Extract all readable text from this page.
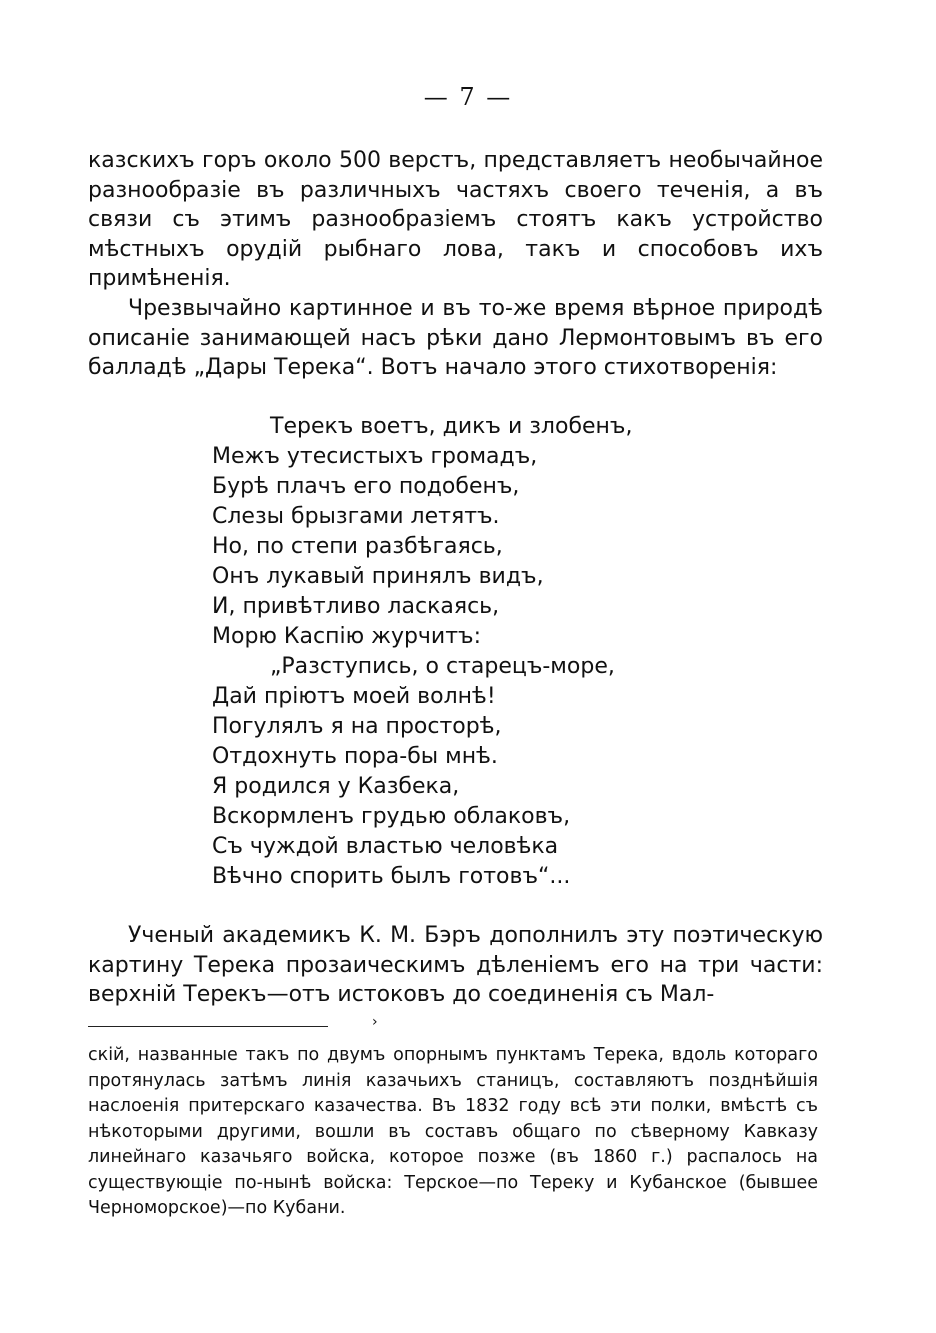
— 7 —

казскихъ горъ около 500 верстъ, представляетъ необычайное разнообразіе въ различныхъ частяхъ своего теченія, а въ связи съ этимъ разнообразіемъ стоятъ какъ устройство мѣстныхъ орудій рыбнаго лова, такъ и способовъ ихъ примѣненія.

Чрезвычайно картинное и въ то-же время вѣрное природѣ описаніе занимающей насъ рѣки дано Лермонтовымъ въ его балладѣ „Дары Терека“. Вотъ начало этого стихотворенія:

Терекъ воетъ, дикъ и злобенъ,
Межъ утесистыхъ громадъ,
Бурѣ плачъ его подобенъ,
Слезы брызгами летятъ.
Но, по степи разбѣгаясь,
Онъ лукавый принялъ видъ,
И, привѣтливо ласкаясь,
Морю Каспію журчитъ:
„Разступись, о старецъ-море,
Дай пріютъ моей волнѣ!
Погулялъ я на просторѣ,
Отдохнуть пора-бы мнѣ.
Я родился у Казбека,
Вскормленъ грудью облаковъ,
Съ чуждой властью человѣка
Вѣчно спорить былъ готовъ“...

Ученый академикъ К. М. Бэръ дополнилъ эту поэтическую картину Терека прозаическимъ дѣленіемъ его на три части: верхній Терекъ—отъ истоковъ до соединенія съ Мал-

›

скій, названные такъ по двумъ опорнымъ пунктамъ Терека, вдоль котораго протянулась затѣмъ линія казачьихъ станицъ, составляютъ позднѣйшія наслоенія притерскаго казачества. Въ 1832 году всѣ эти полки, вмѣстѣ съ нѣкоторыми другими, вошли въ составъ общаго по сѣверному Кавказу линейнаго казачьяго войска, которое позже (въ 1860 г.) распалось на существующіе по-нынѣ войска: Терское—по Тереку и Кубанское (бывшее Черноморское)—по Кубани.
